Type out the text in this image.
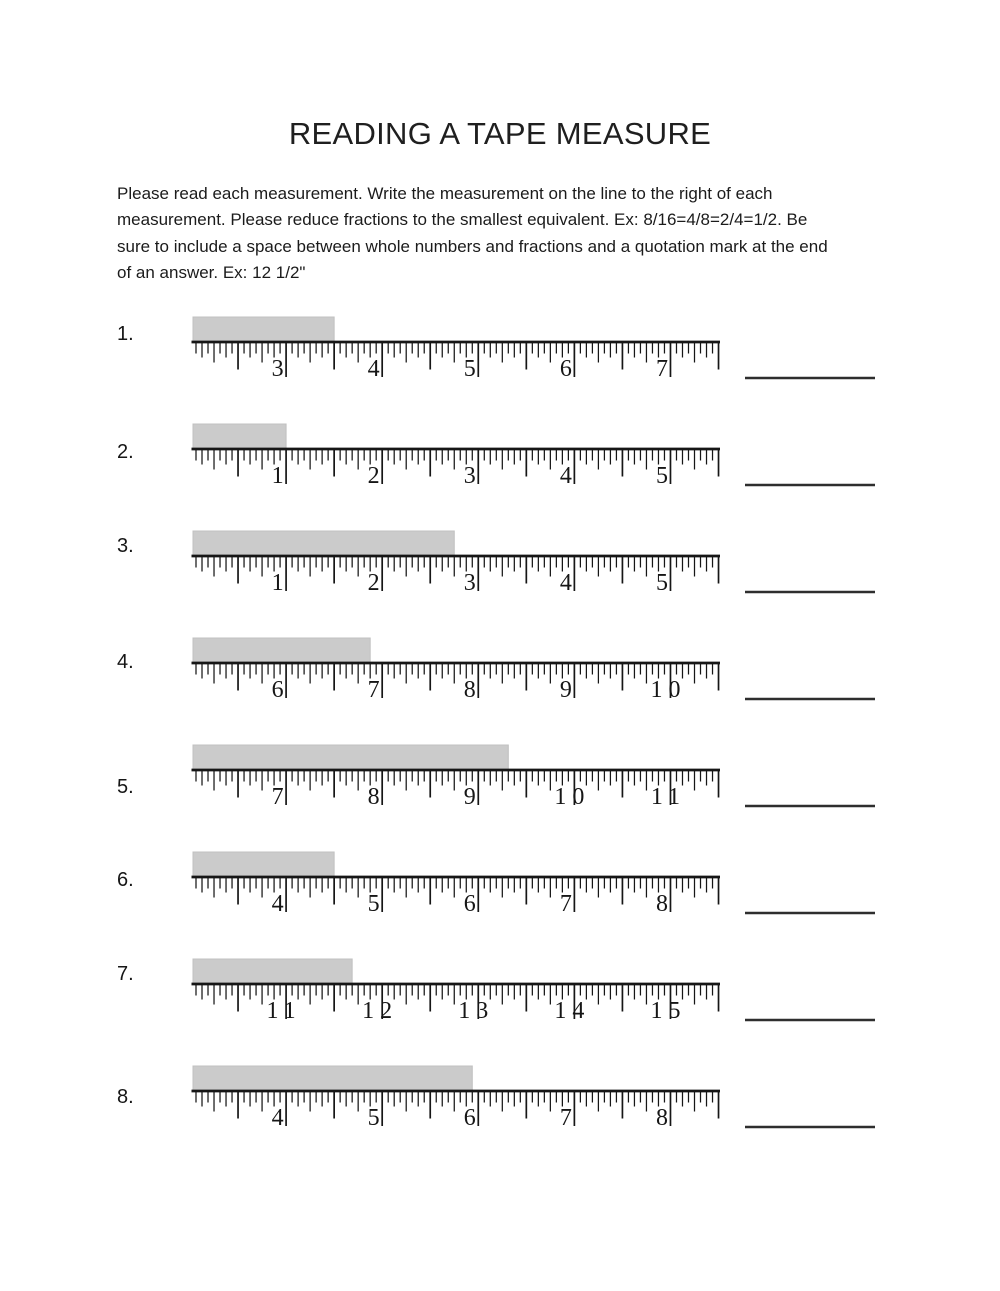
READING A TAPE MEASURE
Please read each measurement. Write the measurement on the line to the right of each
measurement. Please reduce fractions to the smallest equivalent. Ex: 8/16=4/8=2/4=1/2. Be
sure to include a space between whole numbers and fractions and a quotation mark at the end
of an answer. Ex: 12 1/2"
1.
3	4	5	6	7
2.
1	2	3	4	5
3.
1	2	3	4	5
4.
6	7	8	9	10
5.	7	8	9	10	11
6.
4	5	6	7	8
7.
11	12	13	14	15
8.
4	5	6	7	8
